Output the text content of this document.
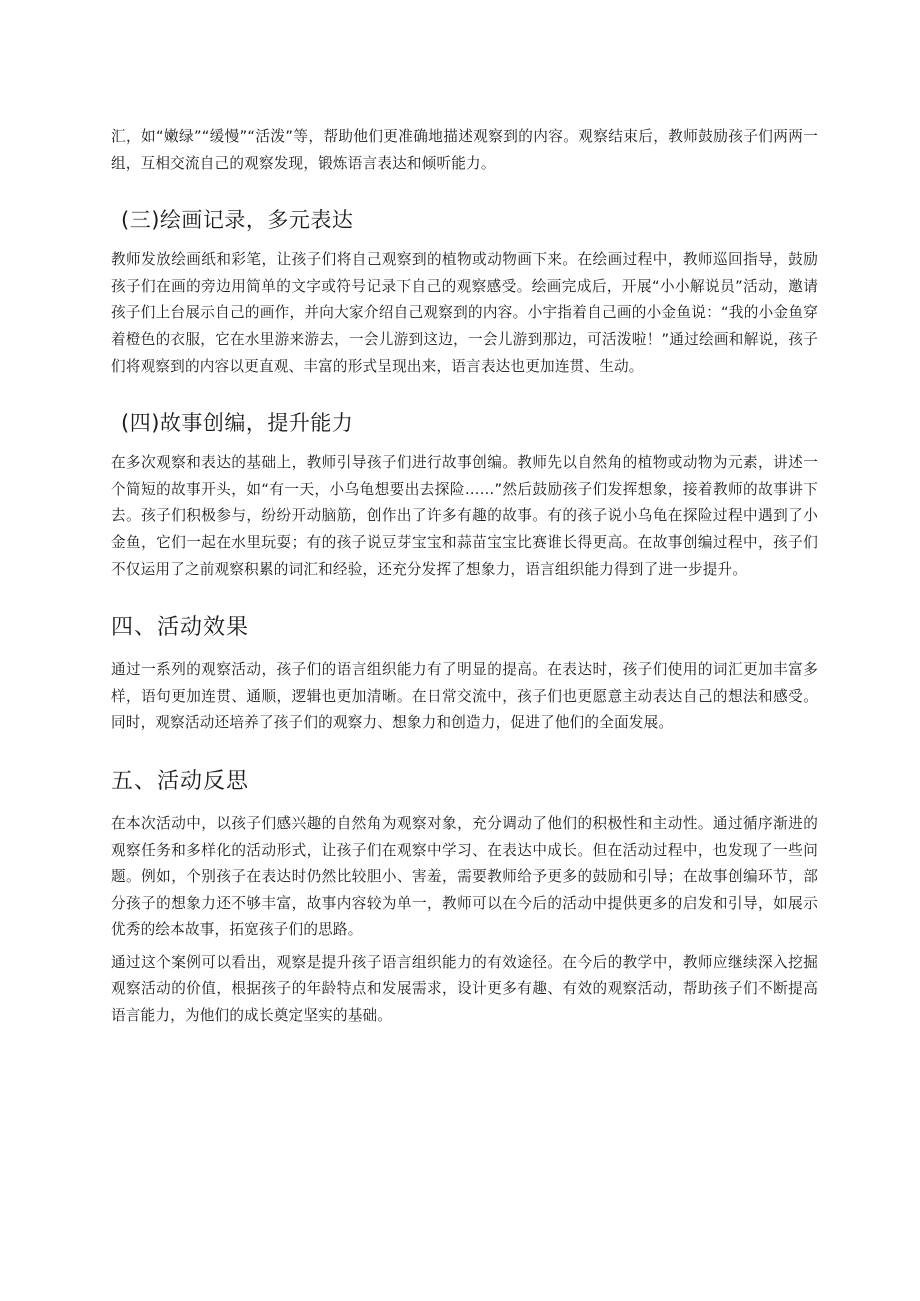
汇，如“嫩绿”“缓慢”“活泼”等，帮助他们更准确地描述观察到的内容。观察结束后，教师鼓励孩子们两两一组，互相交流自己的观察发现，锻炼语言表达和倾听能力。

(三)绘画记录，多元表达

教师发放绘画纸和彩笔，让孩子们将自己观察到的植物或动物画下来。在绘画过程中，教师巡回指导，鼓励孩子们在画的旁边用简单的文字或符号记录下自己的观察感受。绘画完成后，开展“小小解说员”活动，邀请孩子们上台展示自己的画作，并向大家介绍自己观察到的内容。小宇指着自己画的小金鱼说：“我的小金鱼穿着橙色的衣服，它在水里游来游去，一会儿游到这边，一会儿游到那边，可活泼啦！”通过绘画和解说，孩子们将观察到的内容以更直观、丰富的形式呈现出来，语言表达也更加连贯、生动。

(四)故事创编，提升能力

在多次观察和表达的基础上，教师引导孩子们进行故事创编。教师先以自然角的植物或动物为元素，讲述一个简短的故事开头，如“有一天，小乌龟想要出去探险……”然后鼓励孩子们发挥想象，接着教师的故事讲下去。孩子们积极参与，纷纷开动脑筋，创作出了许多有趣的故事。有的孩子说小乌龟在探险过程中遇到了小金鱼，它们一起在水里玩耍；有的孩子说豆芽宝宝和蒜苗宝宝比赛谁长得更高。在故事创编过程中，孩子们不仅运用了之前观察积累的词汇和经验，还充分发挥了想象力，语言组织能力得到了进一步提升。

四、活动效果

通过一系列的观察活动，孩子们的语言组织能力有了明显的提高。在表达时，孩子们使用的词汇更加丰富多样，语句更加连贯、通顺，逻辑也更加清晰。在日常交流中，孩子们也更愿意主动表达自己的想法和感受。同时，观察活动还培养了孩子们的观察力、想象力和创造力，促进了他们的全面发展。

五、活动反思

在本次活动中，以孩子们感兴趣的自然角为观察对象，充分调动了他们的积极性和主动性。通过循序渐进的观察任务和多样化的活动形式，让孩子们在观察中学习、在表达中成长。但在活动过程中，也发现了一些问题。例如，个别孩子在表达时仍然比较胆小、害羞，需要教师给予更多的鼓励和引导；在故事创编环节，部分孩子的想象力还不够丰富，故事内容较为单一，教师可以在今后的活动中提供更多的启发和引导，如展示优秀的绘本故事，拓宽孩子们的思路。

通过这个案例可以看出，观察是提升孩子语言组织能力的有效途径。在今后的教学中，教师应继续深入挖掘观察活动的价值，根据孩子的年龄特点和发展需求，设计更多有趣、有效的观察活动，帮助孩子们不断提高语言能力，为他们的成长奠定坚实的基础。
